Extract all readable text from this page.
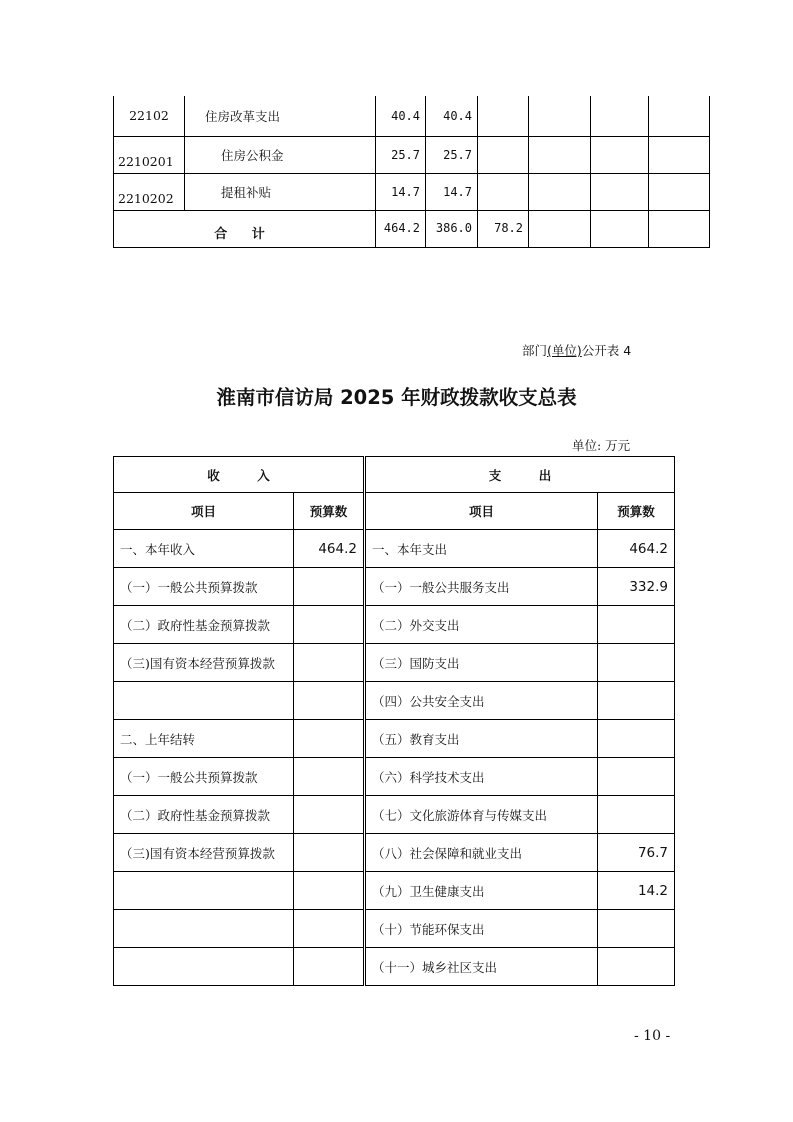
22102	住房改革支出	40.4	40.4				
2210201	住房公积金	25.7	25.7				
2210202	提租补贴	14.7	14.7				
合 计		464.2	386.0	78.2			
部门(单位)公开表 4
淮南市信访局 2025 年财政拨款收支总表
单位: 万元
收　　　入			支　　　出	
项目	预算数		项目	预算数
一、本年收入	464.2		一、本年支出	464.2
（一）一般公共预算拨款			（一）一般公共服务支出	332.9
（二）政府性基金预算拨款			（二）外交支出	
（三)国有资本经营预算拨款			（三）国防支出	
			（四）公共安全支出	
二、上年结转			（五）教育支出	
（一）一般公共预算拨款			（六）科学技术支出	
（二）政府性基金预算拨款			（七）文化旅游体育与传媒支出	
（三)国有资本经营预算拨款			（八）社会保障和就业支出	76.7
			（九）卫生健康支出	14.2
			（十）节能环保支出	
			（十一）城乡社区支出	
- 10 -
